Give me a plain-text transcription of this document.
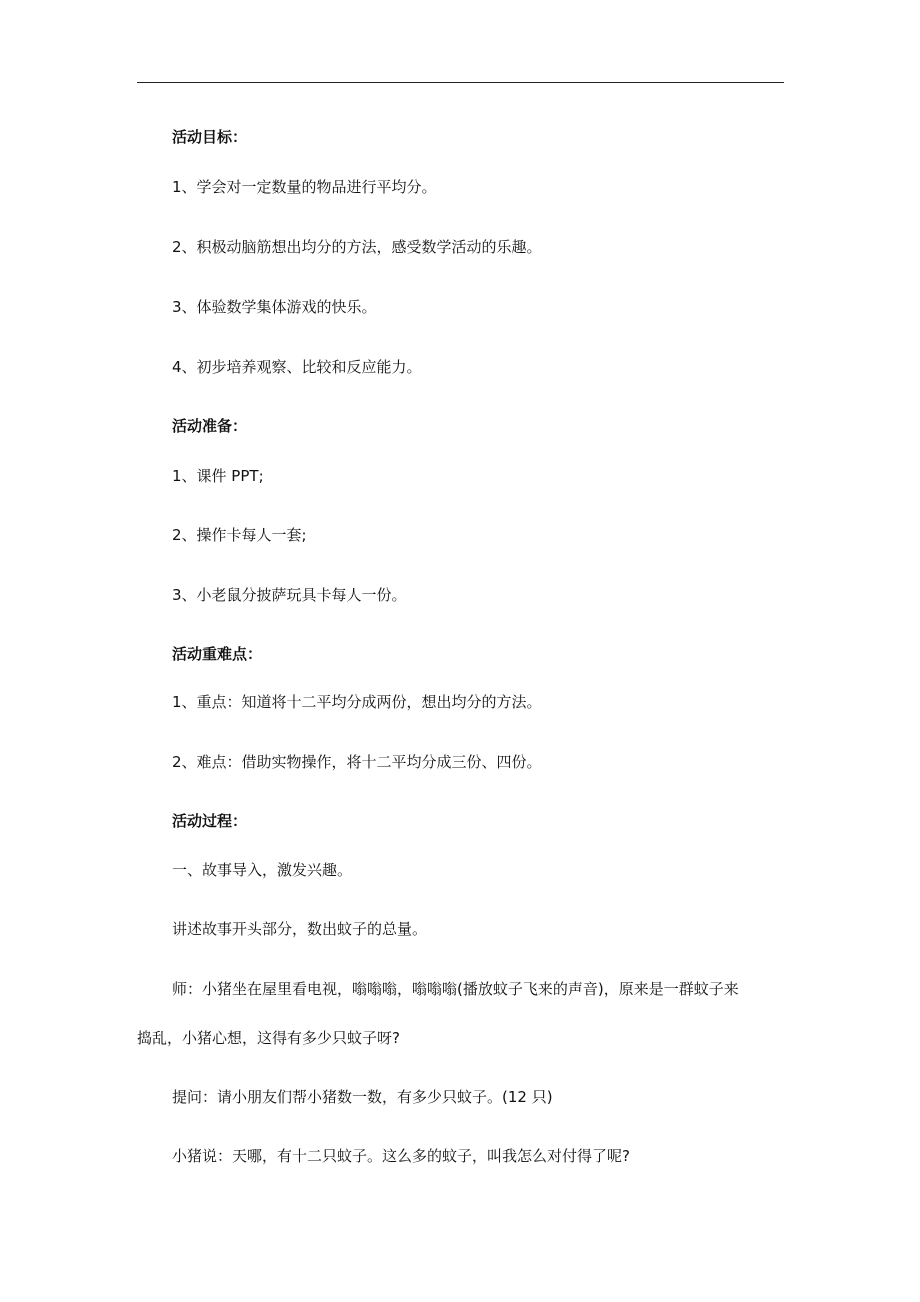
活动目标：
1、学会对一定数量的物品进行平均分。
2、积极动脑筋想出均分的方法，感受数学活动的乐趣。
3、体验数学集体游戏的快乐。
4、初步培养观察、比较和反应能力。
活动准备：
1、课件 PPT;
2、操作卡每人一套;
3、小老鼠分披萨玩具卡每人一份。
活动重难点：
1、重点：知道将十二平均分成两份，想出均分的方法。
2、难点：借助实物操作，将十二平均分成三份、四份。
活动过程：
一、故事导入，激发兴趣。
讲述故事开头部分，数出蚊子的总量。
师：小猪坐在屋里看电视，嗡嗡嗡，嗡嗡嗡(播放蚊子飞来的声音)，原来是一群蚊子来
捣乱，小猪心想，这得有多少只蚊子呀?
提问：请小朋友们帮小猪数一数，有多少只蚊子。(12 只)
小猪说：天哪，有十二只蚊子。这么多的蚊子，叫我怎么对付得了呢?
